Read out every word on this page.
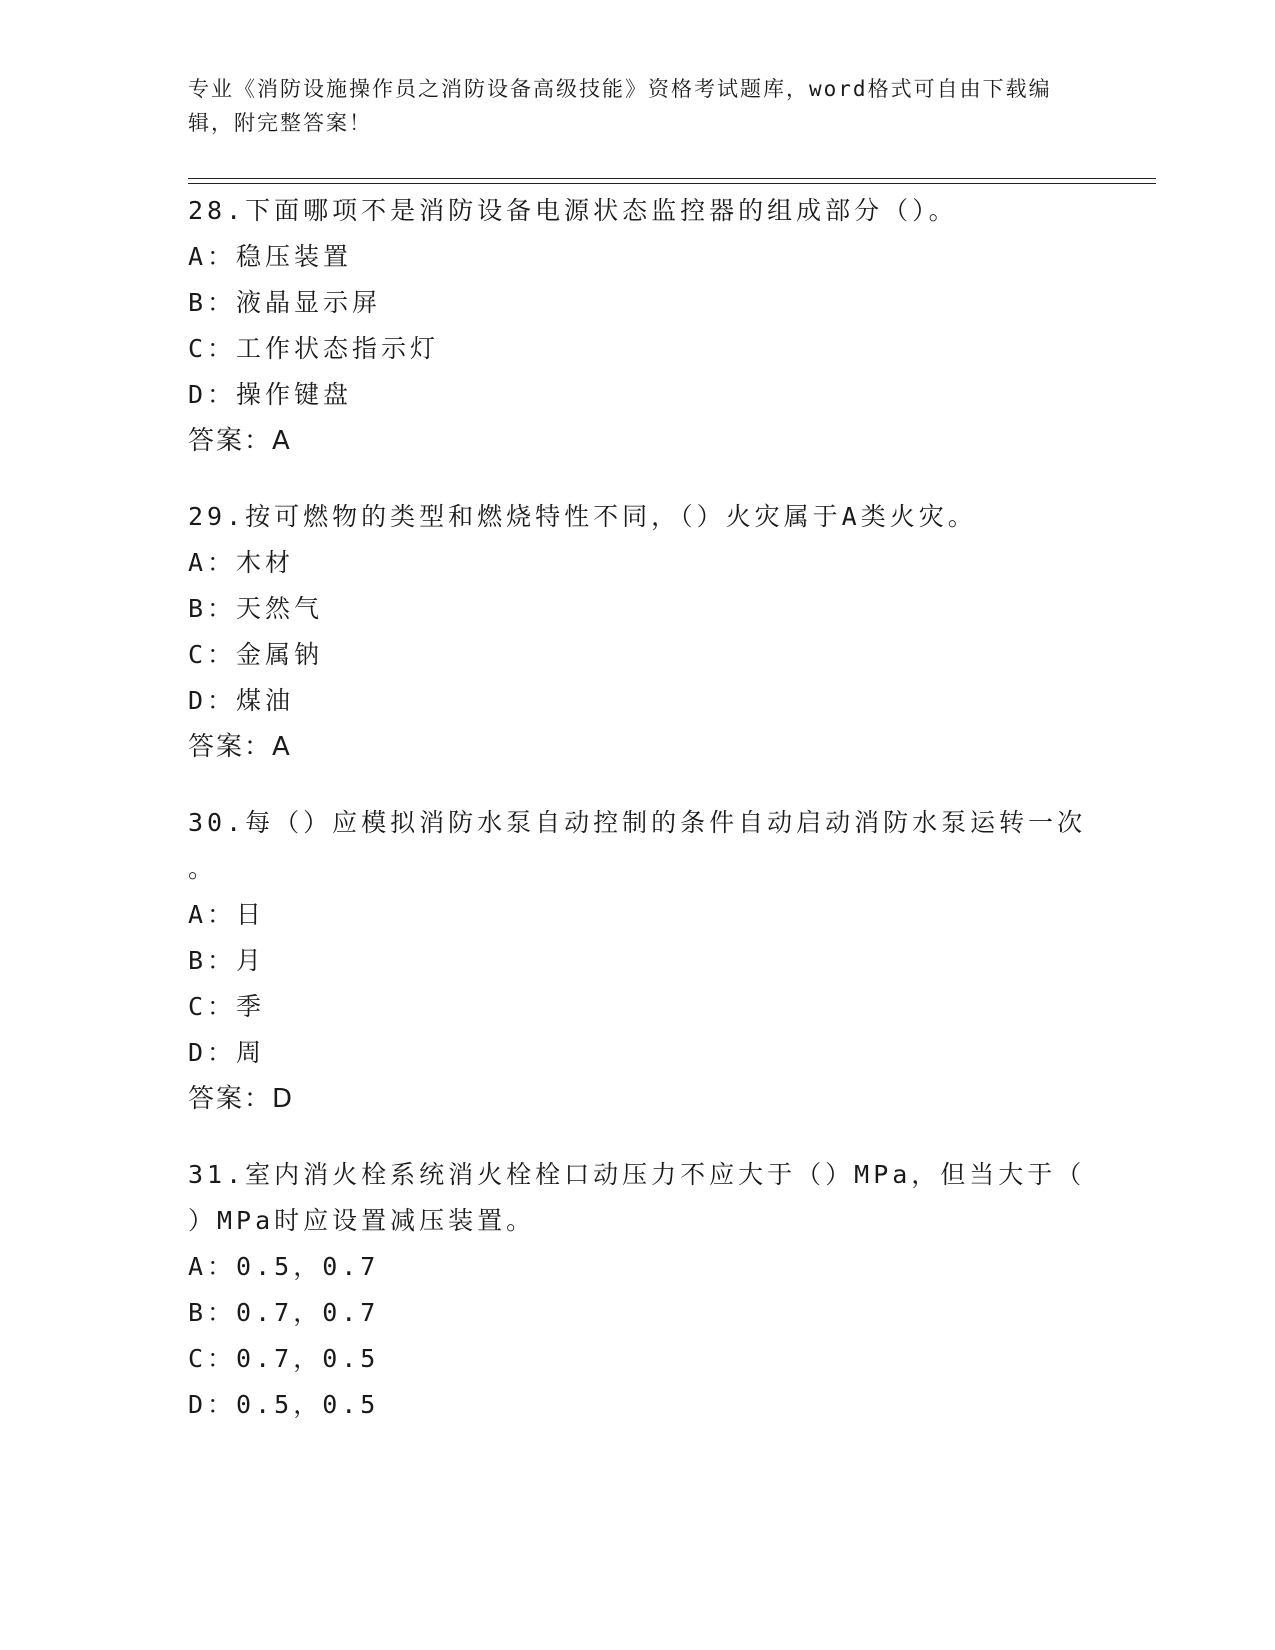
专业《消防设施操作员之消防设备高级技能》资格考试题库，word格式可自由下载编辑，附完整答案！
28.下面哪项不是消防设备电源状态监控器的组成部分（）。
A：稳压装置
B：液晶显示屏
C：工作状态指示灯
D：操作键盘
答案：A
29.按可燃物的类型和燃烧特性不同，（）火灾属于A类火灾。
A：木材
B：天然气
C：金属钠
D：煤油
答案：A
30.每（）应模拟消防水泵自动控制的条件自动启动消防水泵运转一次
。
A：日
B：月
C：季
D：周
答案：D
31.室内消火栓系统消火栓栓口动压力不应大于（）MPa，但当大于（
）MPa时应设置减压装置。
A：0.5，0.7
B：0.7，0.7
C：0.7，0.5
D：0.5，0.5
